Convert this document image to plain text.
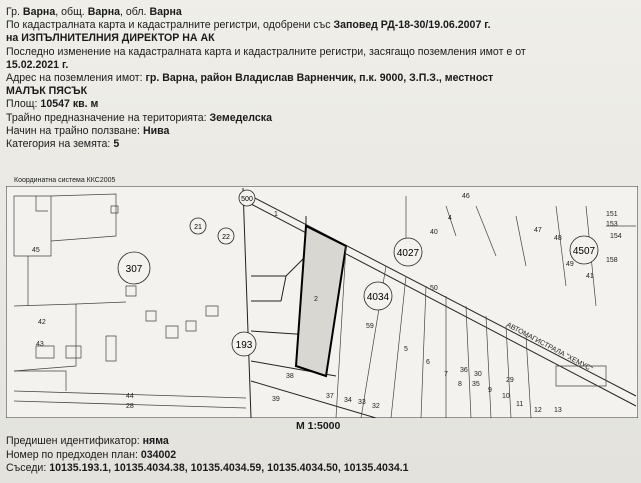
Гр. Варна, общ. Варна, обл. Варна
По кадастралната карта и кадастралните регистри, одобрени със Заповед РД-18-30/19.06.2007 г.
на ИЗПЪЛНИТЕЛНИЯ ДИРЕКТОР НА АК
Последно изменение на кадастралната карта и кадастралните регистри, засягащо поземления имот е от
15.02.2021 г.
Адрес на поземления имот: гр. Варна, район Владислав Варненчик, п.к. 9000, З.П.З., местност
МАЛЪК ПЯСЪК
Площ: 10547 кв. м
Трайно предназначение на територията: Земеделска
Начин на трайно ползване: Нива
Категория на земята: 5
Координатна система ККС2005
307
193
4027
4034
4507
500
21
22
1
2
59
40
5
6
7
8 35
9
10
11
12 13
36
30
29
50
38
39	34 33
32
37
44
28
42
43
45
47
48
49
41
46
151
153
154
158
4
АВТОМАГИСТРАЛА "ХЕМУС"
М 1:5000
Предишен идентификатор: няма
Номер по предходен план: 034002
Съседи: 10135.193.1, 10135.4034.38, 10135.4034.59, 10135.4034.50, 10135.4034.1
